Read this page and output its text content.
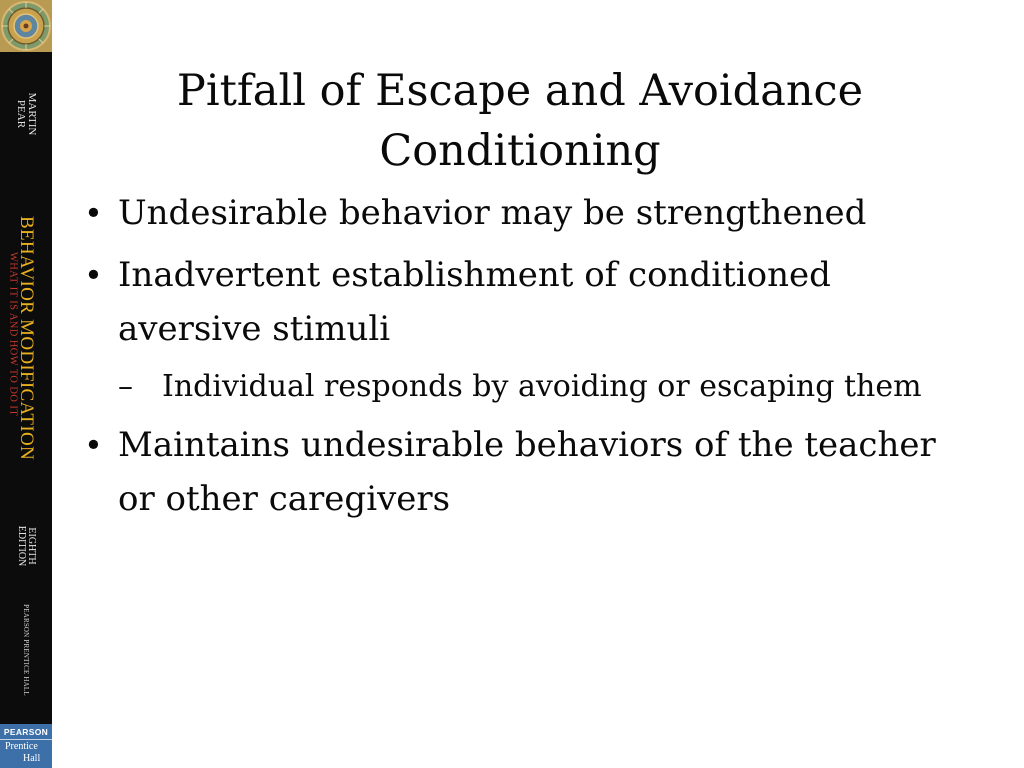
MARTIN
PEAR
BEHAVIOR MODIFICATION
WHAT IT IS AND HOW TO DO IT
EIGHTH
EDITION
PEARSON PRENTICE HALL
PEARSON
Prentice
Hall
Pitfall of Escape and Avoidance
Conditioning
• Undesirable behavior may be strengthened
• Inadvertent establishment of conditioned aversive stimuli
– Individual responds by avoiding or escaping them
• Maintains undesirable behaviors of the teacher or other caregivers
